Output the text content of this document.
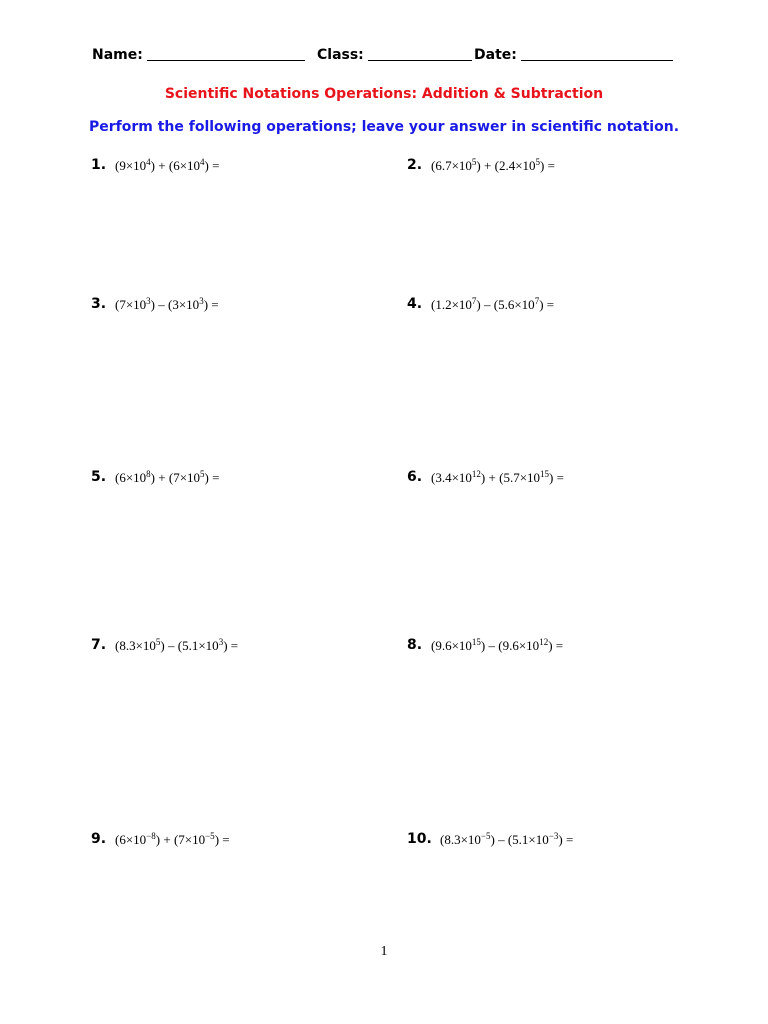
Name:	Class:	Date:
Scientific Notations Operations: Addition & Subtraction
Perform the following operations; leave your answer in scientific notation.
1. $(9\times 10^4) + (6\times 10^4)$ =	2. $(6.7\times 10^5) + (2.4\times 10^5)$ =
3. $(7\times 10^3) - (3\times 10^3)$ =	4. $(1.2\times 10^7) - (5.6\times 10^7)$ =
5. $(6\times 10^8) + (7\times 10^5)$ =	6. $(3.4\times 10^{12}) + (5.7\times 10^{15})$ =
7. $(8.3\times 10^5) - (5.1\times 10^3)$ =	8. $(9.6\times 10^{15}) - (9.6\times 10^{12})$ =
9. $(6\times 10^{-8}) + (7\times 10^{-5})$ =	10. $(8.3\times 10^{-5}) - (5.1\times 10^{-3})$ =
1
